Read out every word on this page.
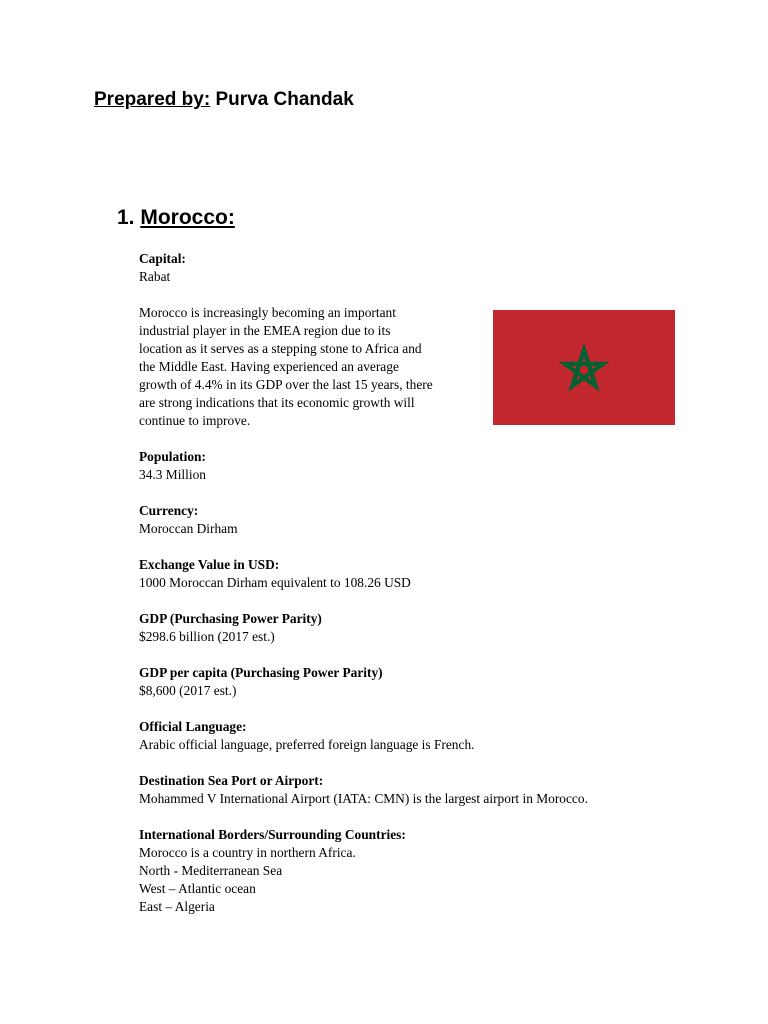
Prepared by: Purva Chandak
1. Morocco:
Capital:
Rabat
Morocco is increasingly becoming an important
industrial player in the EMEA region due to its
location as it serves as a stepping stone to Africa and
the Middle East. Having experienced an average
growth of 4.4% in its GDP over the last 15 years, there
are strong indications that its economic growth will
continue to improve.
Population:
34.3 Million
Currency:
Moroccan Dirham
Exchange Value in USD:
1000 Moroccan Dirham equivalent to 108.26 USD
GDP (Purchasing Power Parity)
$298.6 billion (2017 est.)
GDP per capita (Purchasing Power Parity)
$8,600 (2017 est.)
Official Language:
Arabic official language, preferred foreign language is French.
Destination Sea Port or Airport:
Mohammed V International Airport (IATA: CMN) is the largest airport in Morocco.
International Borders/Surrounding Countries:
Morocco is a country in northern Africa.
North - Mediterranean Sea
West – Atlantic ocean
East – Algeria
